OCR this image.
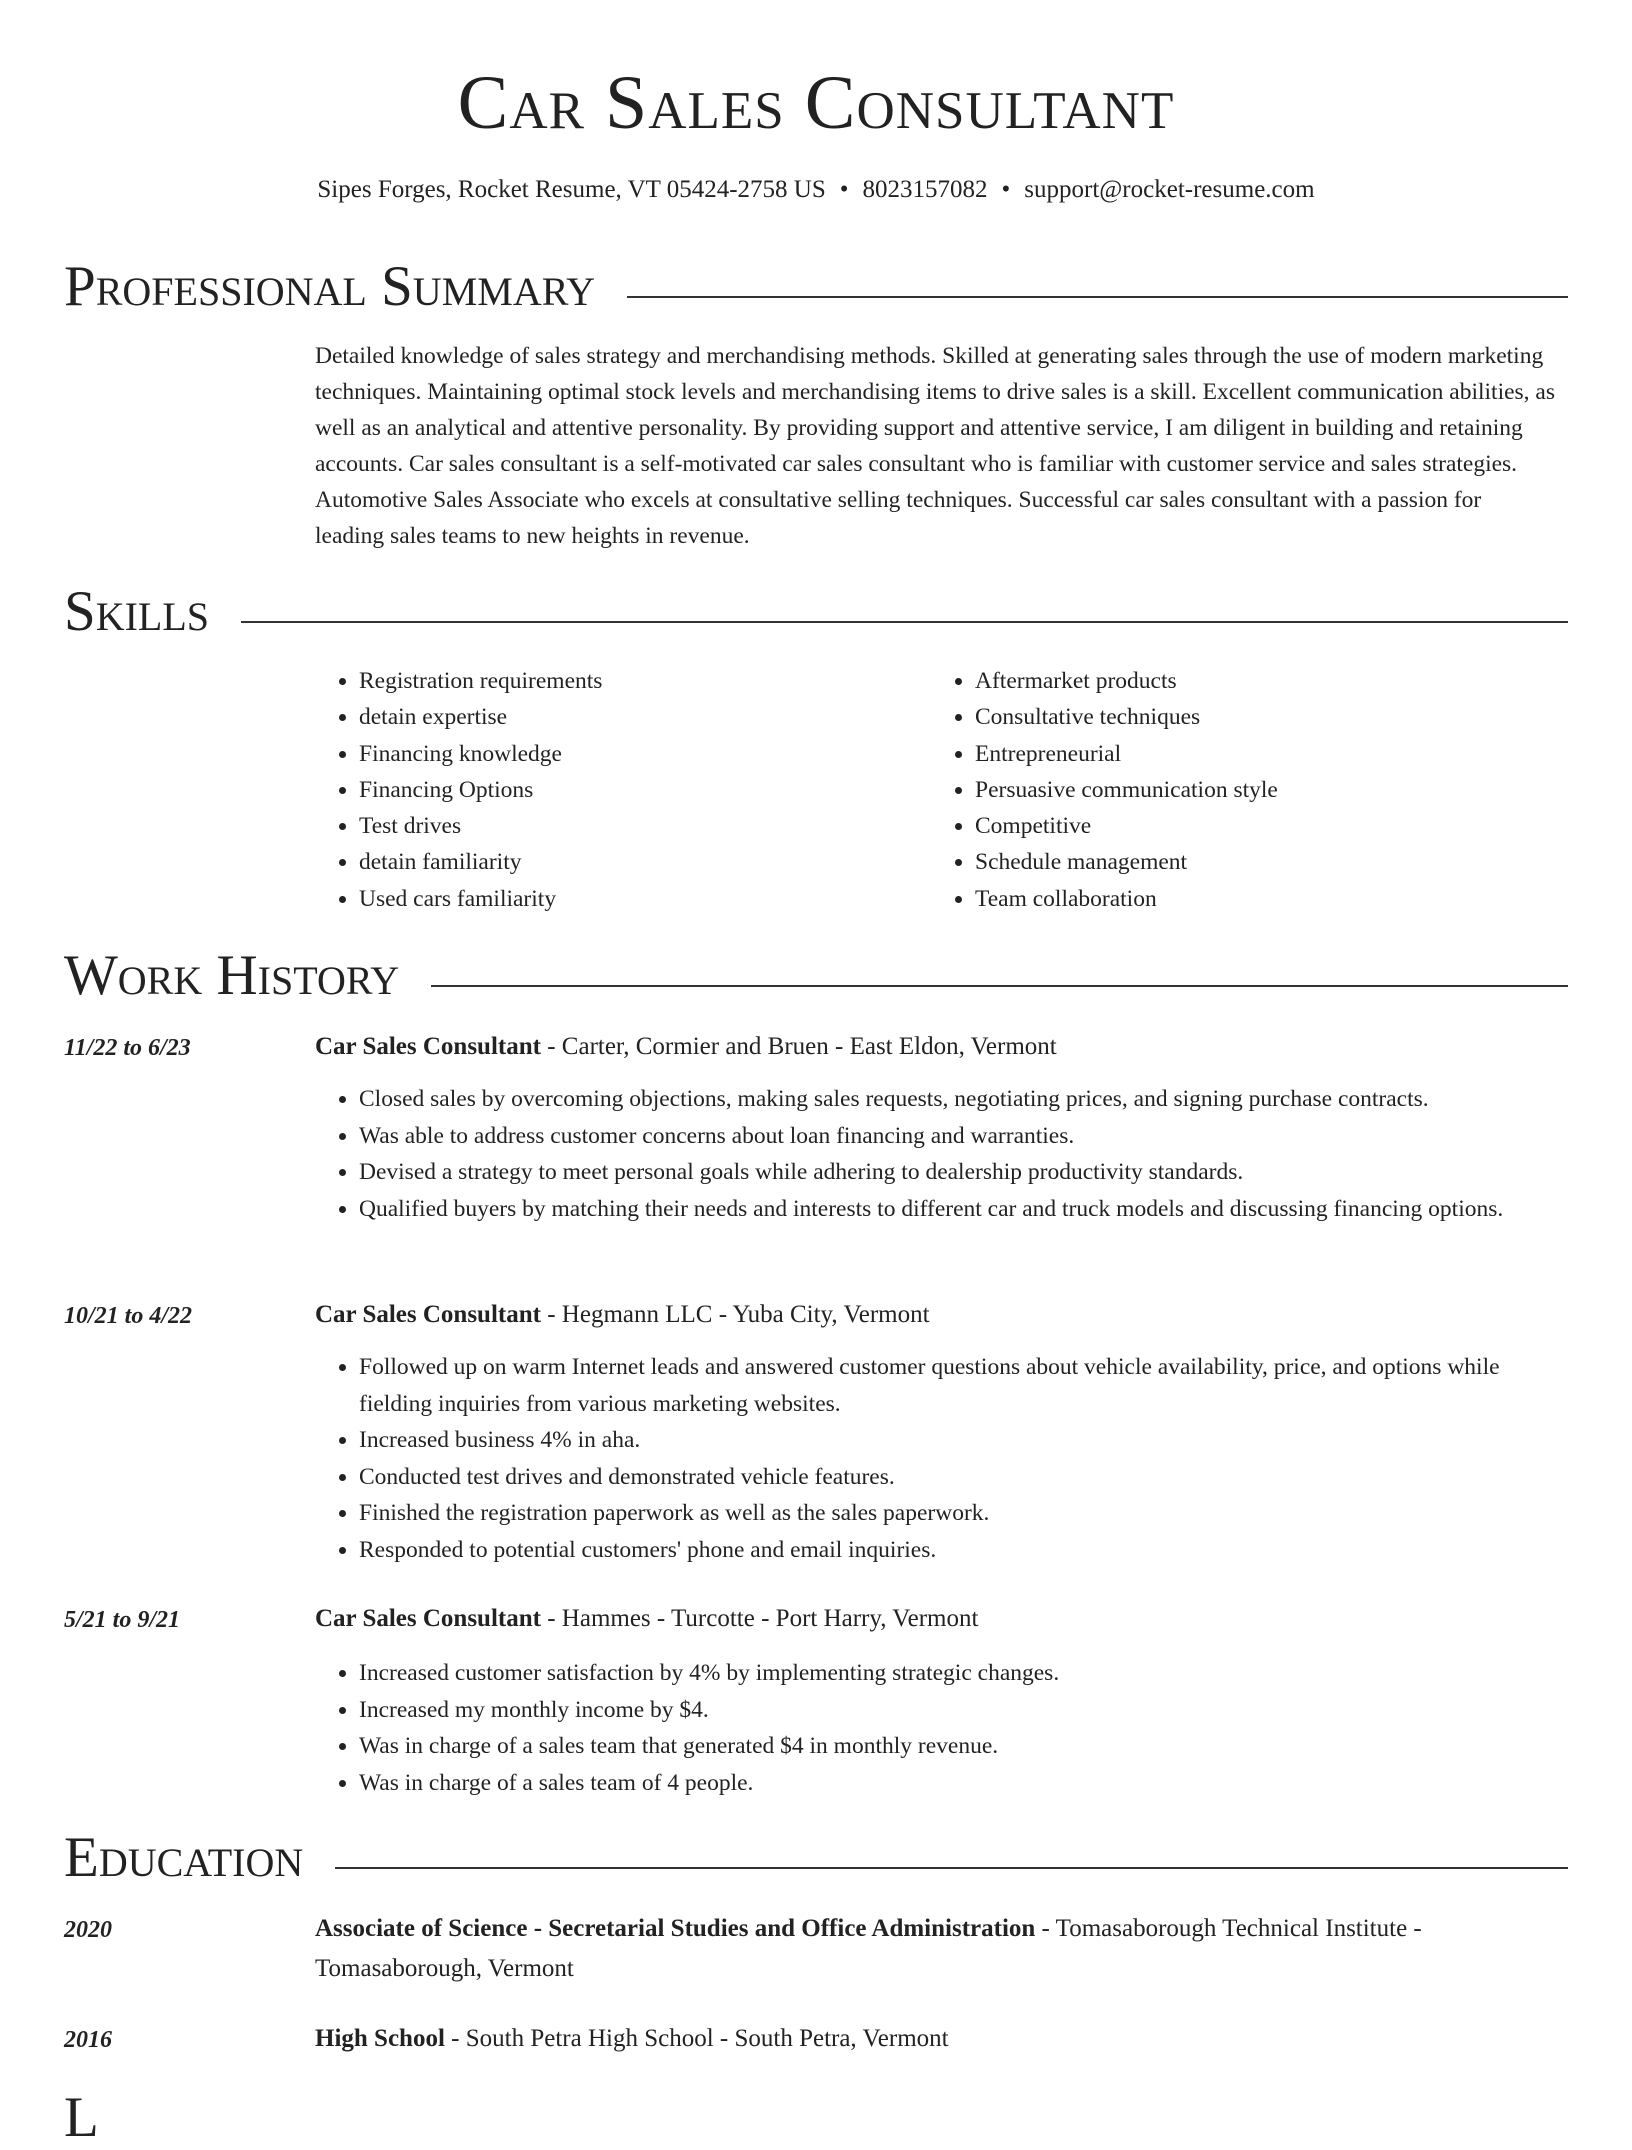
Car Sales Consultant
Sipes Forges, Rocket Resume, VT 05424-2758 US • 8023157082 • support@rocket-resume.com
Professional Summary

Detailed knowledge of sales strategy and merchandising methods. Skilled at generating sales through the use of modern marketing techniques. Maintaining optimal stock levels and merchandising items to drive sales is a skill. Excellent communication abilities, as well as an analytical and attentive personality. By providing support and attentive service, I am diligent in building and retaining accounts. Car sales consultant is a self-motivated car sales consultant who is familiar with customer service and sales strategies. Automotive Sales Associate who excels at consultative selling techniques. Successful car sales consultant with a passion for leading sales teams to new heights in revenue.

Skills
• Registration requirements
• detain expertise
• Financing knowledge
• Financing Options
• Test drives
• detain familiarity
• Used cars familiarity
• Aftermarket products
• Consultative techniques
• Entrepreneurial
• Persuasive communication style
• Competitive
• Schedule management
• Team collaboration
Work History
11/22 to 6/23	Car Sales Consultant - Carter, Cormier and Bruen - East Eldon, Vermont
• Closed sales by overcoming objections, making sales requests, negotiating prices, and signing purchase contracts.
• Was able to address customer concerns about loan financing and warranties.
• Devised a strategy to meet personal goals while adhering to dealership productivity standards.
• Qualified buyers by matching their needs and interests to different car and truck models and discussing financing options.
10/21 to 4/22	Car Sales Consultant - Hegmann LLC - Yuba City, Vermont
• Followed up on warm Internet leads and answered customer questions about vehicle availability, price, and options while fielding inquiries from various marketing websites.
• Increased business 4% in aha.
• Conducted test drives and demonstrated vehicle features.
• Finished the registration paperwork as well as the sales paperwork.
• Responded to potential customers' phone and email inquiries.
5/21 to 9/21	Car Sales Consultant - Hammes - Turcotte - Port Harry, Vermont
• Increased customer satisfaction by 4% by implementing strategic changes.
• Increased my monthly income by $4.
• Was in charge of a sales team that generated $4 in monthly revenue.
• Was in charge of a sales team of 4 people.
Education
2020	Associate of Science - Secretarial Studies and Office Administration - Tomasaborough Technical Institute - Tomasaborough, Vermont
2016	High School - South Petra High School - South Petra, Vermont
L
